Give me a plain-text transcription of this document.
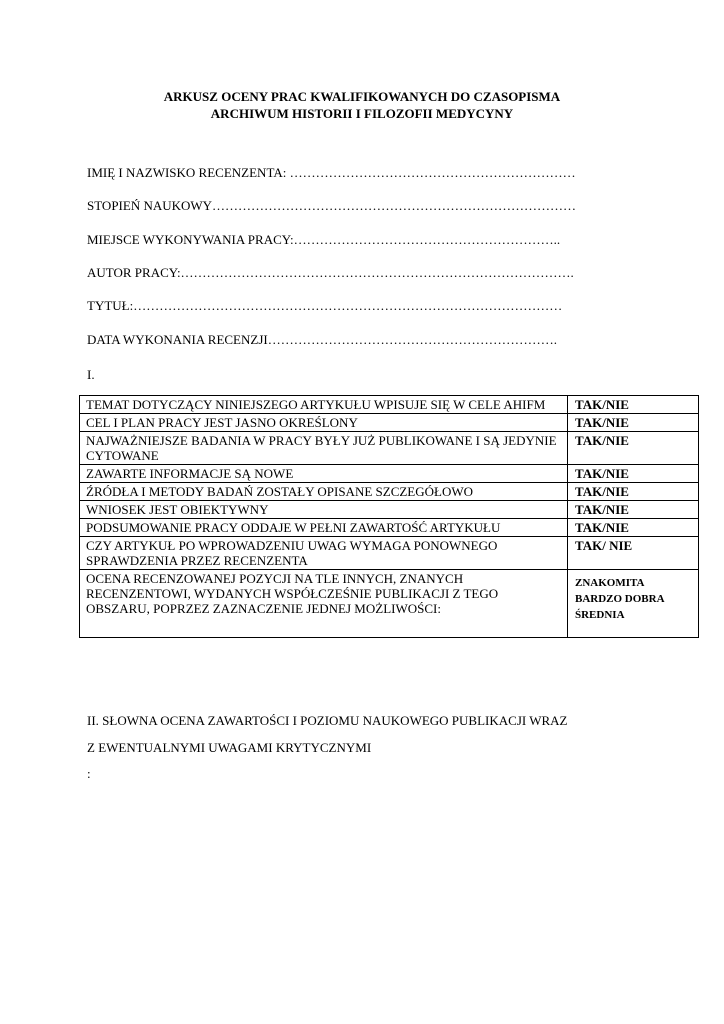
ARKUSZ OCENY PRAC KWALIFIKOWANYCH DO CZASOPISMA
ARCHIWUM HISTORII I FILOZOFII MEDYCYNY
IMIĘ I NAZWISKO RECENZENTA: …………………………………………………………
STOPIEŃ NAUKOWY…………………………………………………………………………
MIEJSCE WYKONYWANIA PRACY:……………………………………………………..
AUTOR PRACY:……………………………………………………………………………….
TYTUŁ:………………………………………………………………………………………
DATA WYKONANIA RECENZJI………………………………………………………….
I.
TEMAT DOTYCZĄCY NINIEJSZEGO ARTYKUŁU WPISUJE SIĘ W CELE AHIFM	TAK/NIE
CEL I PLAN PRACY JEST JASNO OKREŚLONY	TAK/NIE
NAJWAŻNIEJSZE BADANIA W PRACY BYŁY JUŻ PUBLIKOWANE I SĄ JEDYNIE CYTOWANE	TAK/NIE
ZAWARTE INFORMACJE SĄ NOWE	TAK/NIE
ŹRÓDŁA I METODY BADAŃ ZOSTAŁY OPISANE SZCZEGÓŁOWO	TAK/NIE
WNIOSEK JEST OBIEKTYWNY	TAK/NIE
PODSUMOWANIE PRACY ODDAJE W PEŁNI ZAWARTOŚĆ ARTYKUŁU	TAK/NIE
CZY ARTYKUŁ PO WPROWADZENIU UWAG WYMAGA PONOWNEGO SPRAWDZENIA PRZEZ RECENZENTA	TAK/ NIE
OCENA RECENZOWANEJ POZYCJI NA TLE INNYCH, ZNANYCH RECENZENTOWI, WYDANYCH WSPÓŁCZEŚNIE PUBLIKACJI Z TEGO OBSZARU, POPRZEZ ZAZNACZENIE JEDNEJ MOŻLIWOŚCI:	ZNAKOMITA
BARDZO DOBRA
ŚREDNIA
II. SŁOWNA OCENA ZAWARTOŚCI I POZIOMU NAUKOWEGO PUBLIKACJI WRAZ
Z EWENTUALNYMI UWAGAMI KRYTYCZNYMI
:
